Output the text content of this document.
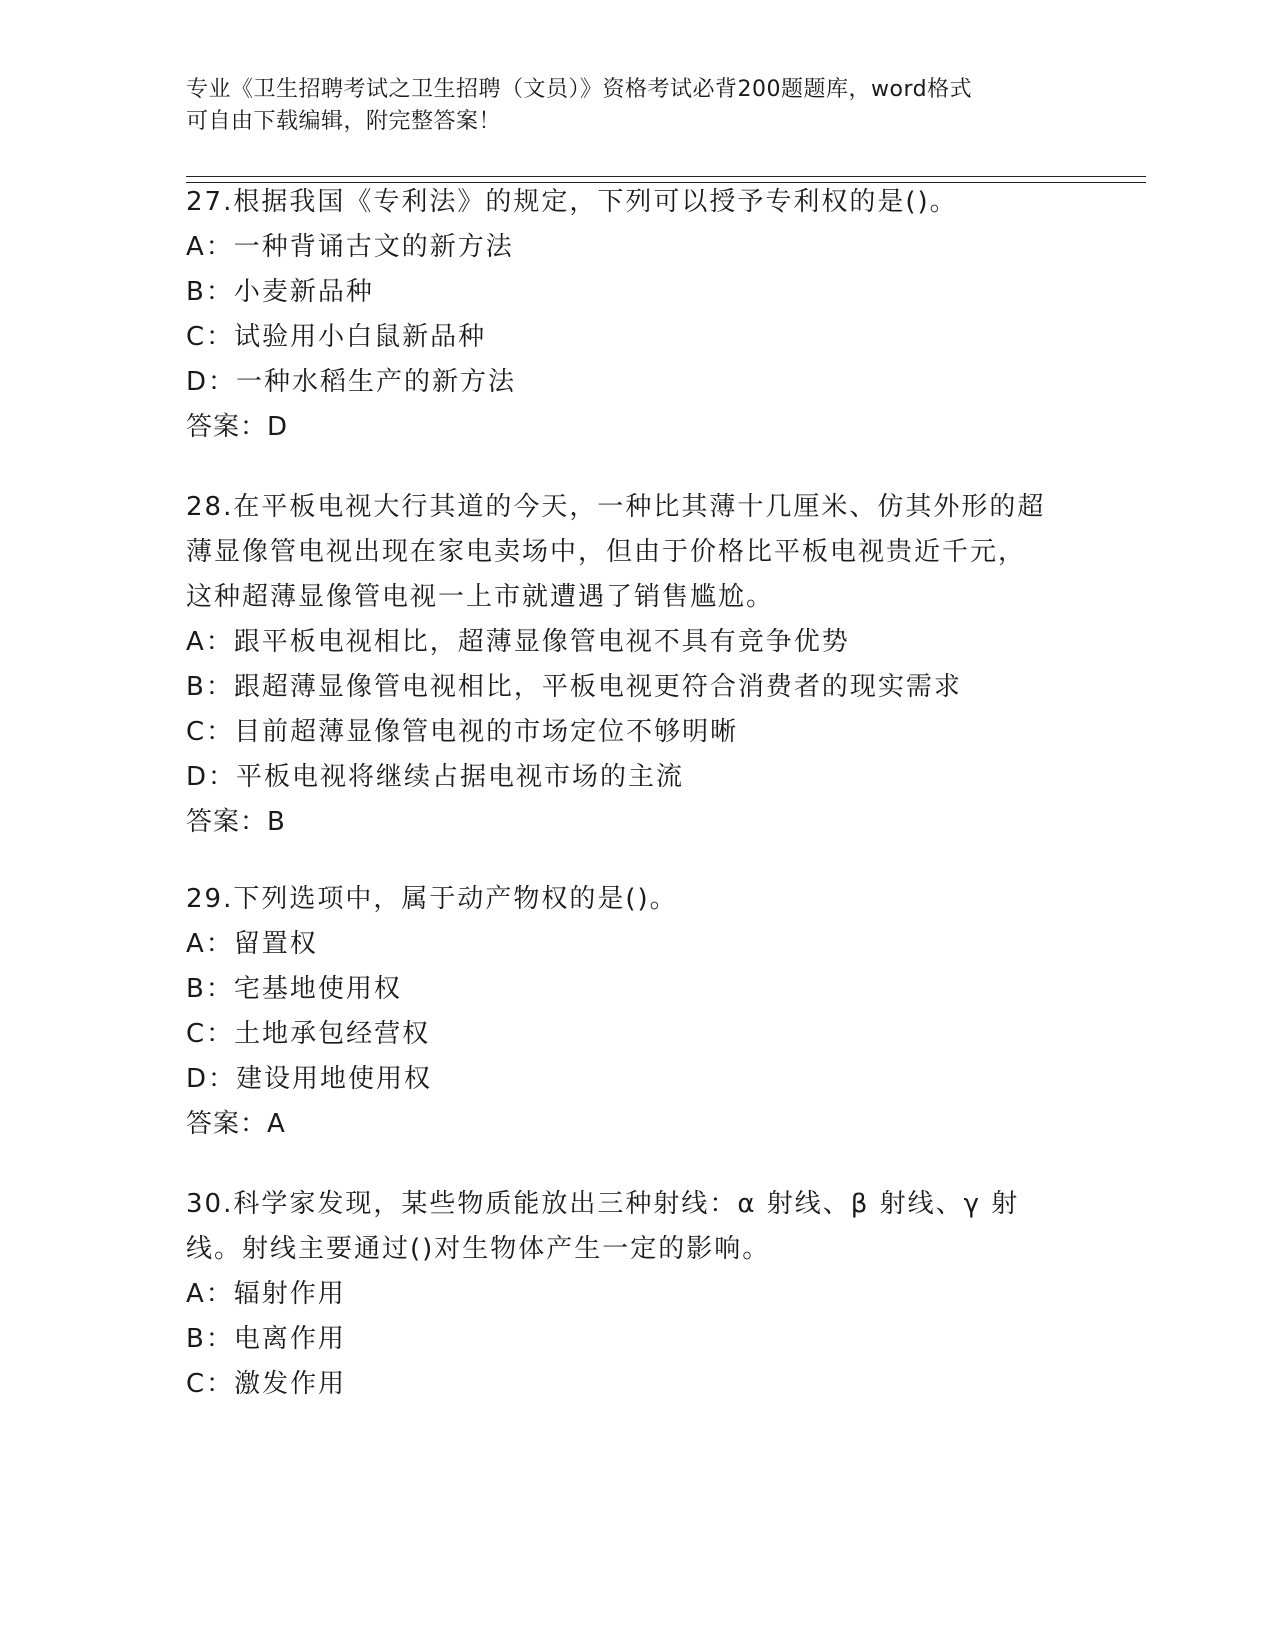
专业《卫生招聘考试之卫生招聘（文员）》资格考试必背200题题库，word格式
可自由下载编辑，附完整答案！
27.根据我国《专利法》的规定，下列可以授予专利权的是()。
A：一种背诵古文的新方法
B：小麦新品种
C：试验用小白鼠新品种
D：一种水稻生产的新方法
答案：D
28.在平板电视大行其道的今天，一种比其薄十几厘米、仿其外形的超
薄显像管电视出现在家电卖场中，但由于价格比平板电视贵近千元，
这种超薄显像管电视一上市就遭遇了销售尴尬。
A：跟平板电视相比，超薄显像管电视不具有竞争优势
B：跟超薄显像管电视相比，平板电视更符合消费者的现实需求
C：目前超薄显像管电视的市场定位不够明晰
D：平板电视将继续占据电视市场的主流
答案：B
29.下列选项中，属于动产物权的是()。
A：留置权
B：宅基地使用权
C：土地承包经营权
D：建设用地使用权
答案：A
30.科学家发现，某些物质能放出三种射线：α 射线、β 射线、γ 射
线。射线主要通过()对生物体产生一定的影响。
A：辐射作用
B：电离作用
C：激发作用
